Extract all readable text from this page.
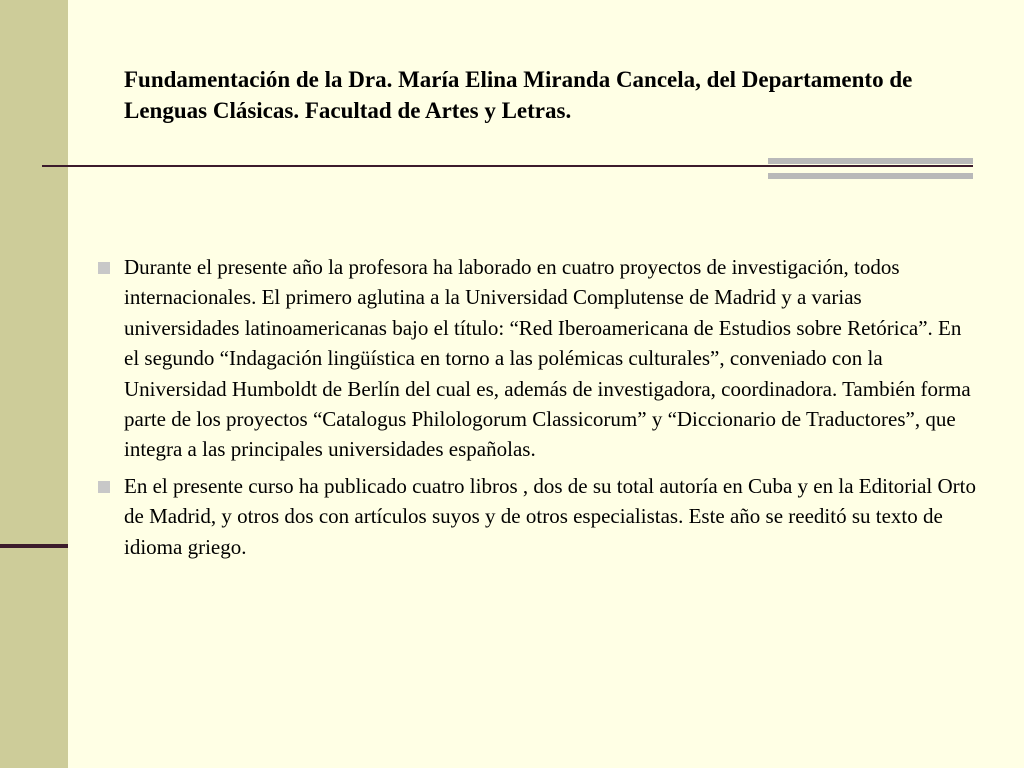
Fundamentación de la Dra. María Elina Miranda Cancela, del Departamento de Lenguas Clásicas. Facultad de Artes y Letras.
Durante el presente año la profesora ha laborado en cuatro proyectos de investigación, todos internacionales. El primero aglutina a la Universidad Complutense de Madrid y a varias universidades latinoamericanas bajo el título: “Red Iberoamericana de Estudios sobre Retórica”. En el segundo “Indagación lingüística en torno a las polémicas culturales”, conveniado con la Universidad Humboldt de Berlín del cual es, además de investigadora, coordinadora. También forma parte de los proyectos “Catalogus Philologorum Classicorum” y “Diccionario de Traductores”, que integra a las principales universidades españolas.
En el presente curso ha publicado cuatro libros , dos de su total autoría en Cuba y en la Editorial Orto de Madrid, y otros dos con artículos suyos y de otros especialistas. Este año se reeditó su texto de idioma griego.
